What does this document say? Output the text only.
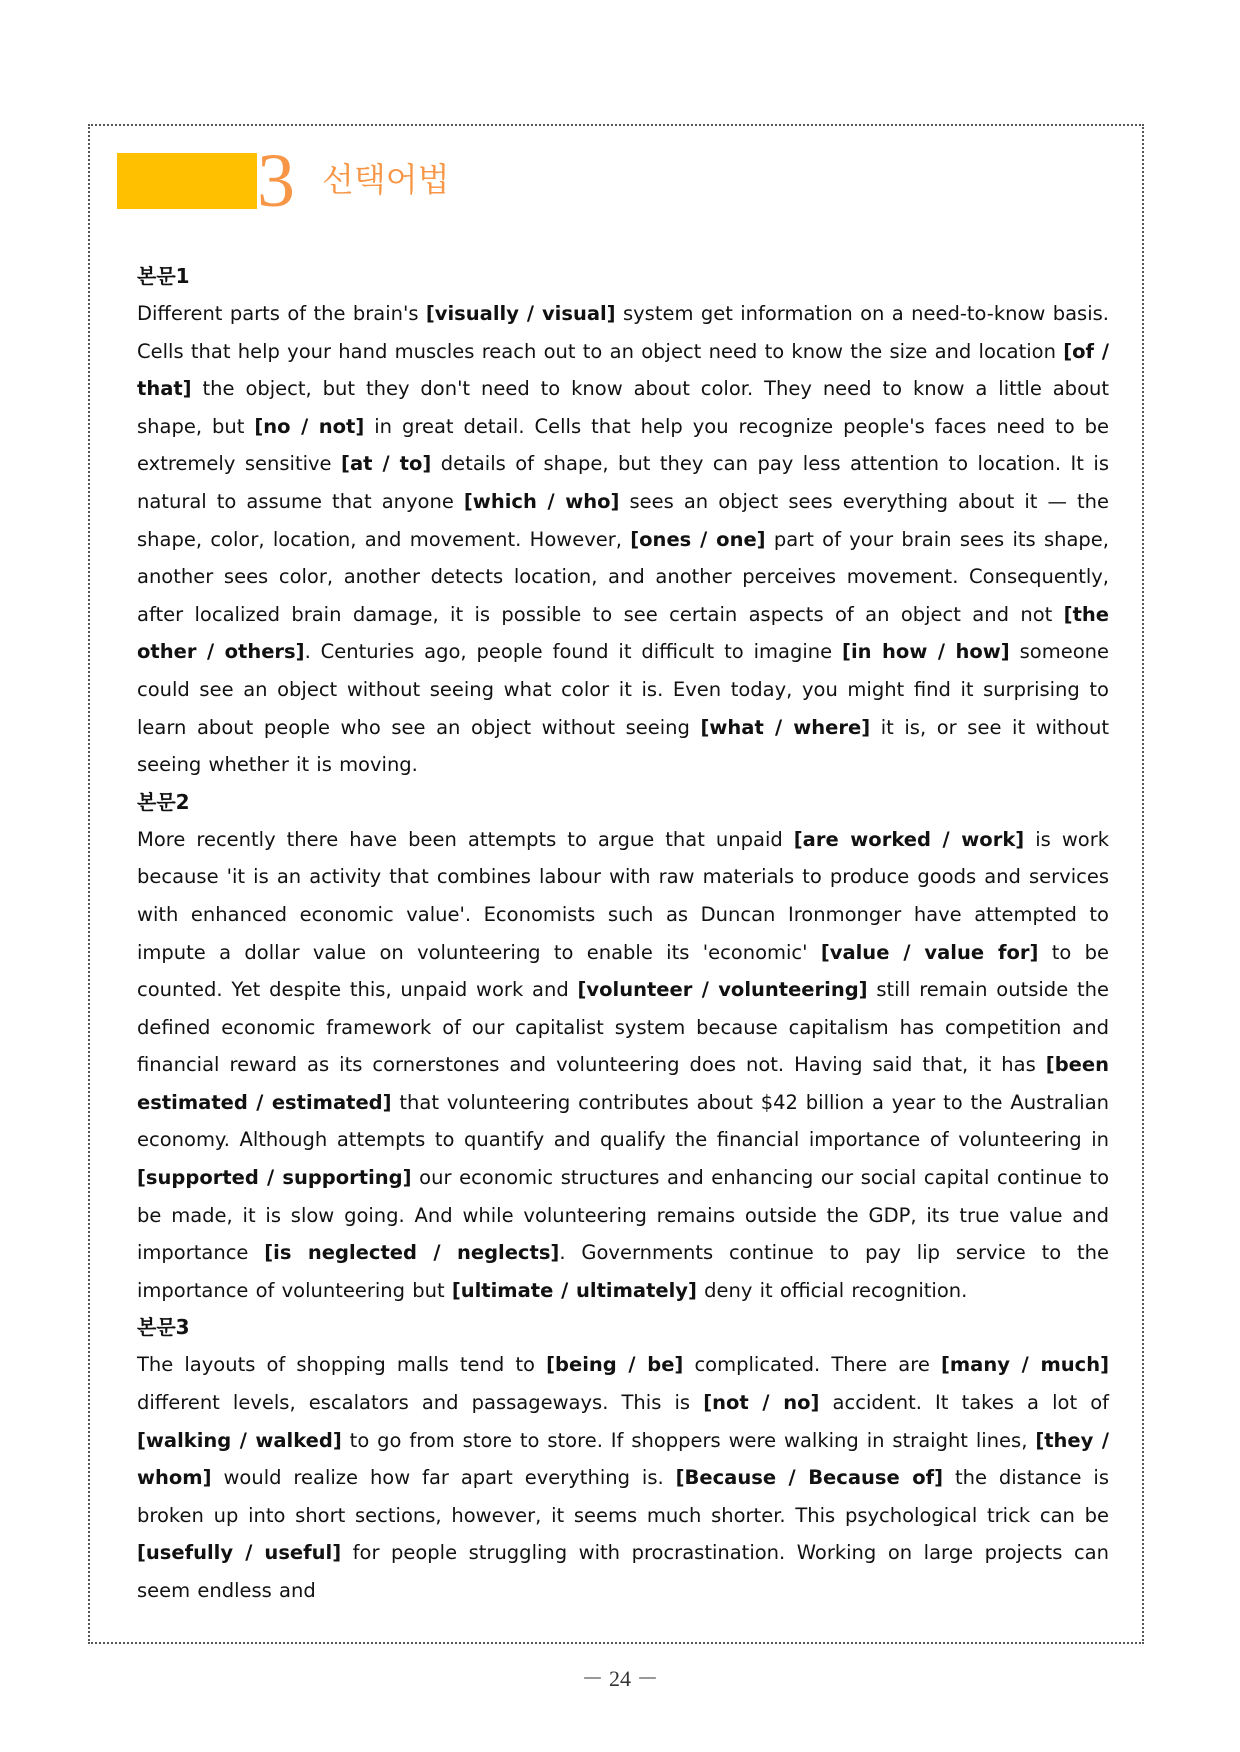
3 선택어법
본문1

Different parts of the brain's [visually / visual] system get information on a need-to-know basis. Cells that help your hand muscles reach out to an object need to know the size and location [of / that] the object, but they don't need to know about color. They need to know a little about shape, but [no / not] in great detail. Cells that help you recognize people's faces need to be extremely sensitive [at / to] details of shape, but they can pay less attention to location. It is natural to assume that anyone [which / who] sees an object sees everything about it — the shape, color, location, and movement. However, [ones / one] part of your brain sees its shape, another sees color, another detects location, and another perceives movement. Consequently, after localized brain damage, it is possible to see certain aspects of an object and not [the other / others]. Centuries ago, people found it difficult to imagine [in how / how] someone could see an object without seeing what color it is. Even today, you might find it surprising to learn about people who see an object without seeing [what / where] it is, or see it without seeing whether it is moving.

본문2

More recently there have been attempts to argue that unpaid [are worked / work] is work because 'it is an activity that combines labour with raw materials to produce goods and services with enhanced economic value'. Economists such as Duncan Ironmonger have attempted to impute a dollar value on volunteering to enable its 'economic' [value / value for] to be counted. Yet despite this, unpaid work and [volunteer / volunteering] still remain outside the defined economic framework of our capitalist system because capitalism has competition and financial reward as its cornerstones and volunteering does not. Having said that, it has [been estimated / estimated] that volunteering contributes about $42 billion a year to the Australian economy. Although attempts to quantify and qualify the financial importance of volunteering in [supported / supporting] our economic structures and enhancing our social capital continue to be made, it is slow going. And while volunteering remains outside the GDP, its true value and importance [is neglected / neglects]. Governments continue to pay lip service to the importance of volunteering but [ultimate / ultimately] deny it official recognition.

본문3

The layouts of shopping malls tend to [being / be] complicated. There are [many / much] different levels, escalators and passageways. This is [not / no] accident. It takes a lot of [walking / walked] to go from store to store. If shoppers were walking in straight lines, [they / whom] would realize how far apart everything is. [Because / Because of] the distance is broken up into short sections, however, it seems much shorter. This psychological trick can be [usefully / useful] for people struggling with procrastination. Working on large projects can seem endless and

－ 24 －
